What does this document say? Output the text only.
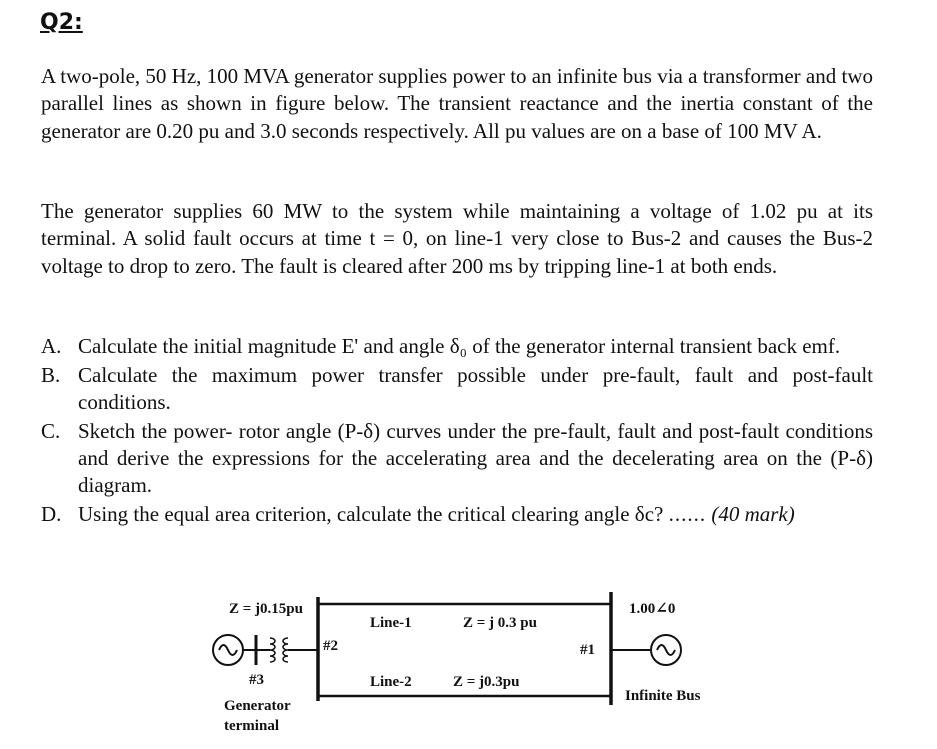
Q2:
A two-pole, 50 Hz, 100 MVA generator supplies power to an infinite bus via a transformer and two parallel lines as shown in figure below. The transient reactance and the inertia constant of the generator are 0.20 pu and 3.0 seconds respectively. All pu values are on a base of 100 MV A.
The generator supplies 60 MW to the system while maintaining a voltage of 1.02 pu at its terminal. A solid fault occurs at time t = 0, on line-1 very close to Bus-2 and causes the Bus-2 voltage to drop to zero. The fault is cleared after 200 ms by tripping line-1 at both ends.
A. Calculate the initial magnitude E' and angle δ₀ of the generator internal transient back emf.
B. Calculate the maximum power transfer possible under pre-fault, fault and post-fault conditions.
C. Sketch the power- rotor angle (P-δ) curves under the pre-fault, fault and post-fault conditions and derive the expressions for the accelerating area and the decelerating area on the (P-δ) diagram.
D. Using the equal area criterion, calculate the critical clearing angle δc? ...... (40 mark)
Z = j0.15pu
#3
Generator
terminal
#2
Line-1	Z = j 0.3 pu
Line-2	Z = j0.3pu
#1
1.00∠0
Infinite Bus
